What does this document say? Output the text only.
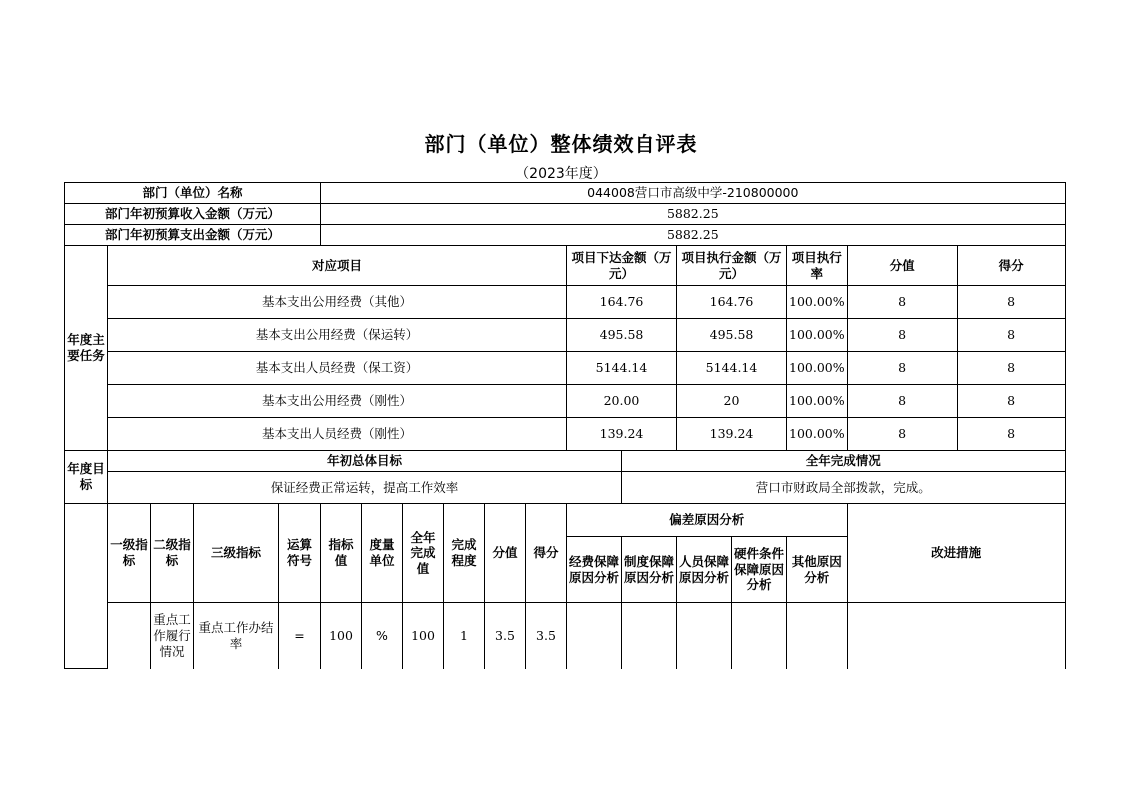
部门（单位）整体绩效自评表
（2023年度）
部门（单位）名称					044008营口市高级中学-210800000												
部门年初预算收入金额（万元）					5882.25												
部门年初预算支出金额（万元）					5882.25												
年度主要任务	对应项目										项目下达金额（万元）		项目执行金额（万元）		项目执行率	分值	得分
	基本支出公用经费（其他）										164.76		164.76		100.00%	8	8
	基本支出公用经费（保运转）										495.58		495.58		100.00%	8	8
	基本支出人员经费（保工资）										5144.14		5144.14		100.00%	8	8
	基本支出公用经费（刚性）										20.00		20		100.00%	8	8
	基本支出人员经费（刚性）										139.24		139.24		100.00%	8	8
年度目标	年初总体目标											全年完成情况					
	保证经费正常运转，提高工作效率											营口市财政局全部拨款，完成。					
	一级指标	二级指标	三级指标	运算符号	指标值	度量单位	全年完成值	完成程度	分值	得分	偏差原因分析					改进措施	
											经费保障原因分析	制度保障原因分析	人员保障原因分析	硬件条件保障原因分析	其他原因分析		
		重点工作履行情况	重点工作办结率	=	100	%	100	1	3.5	3.5							
